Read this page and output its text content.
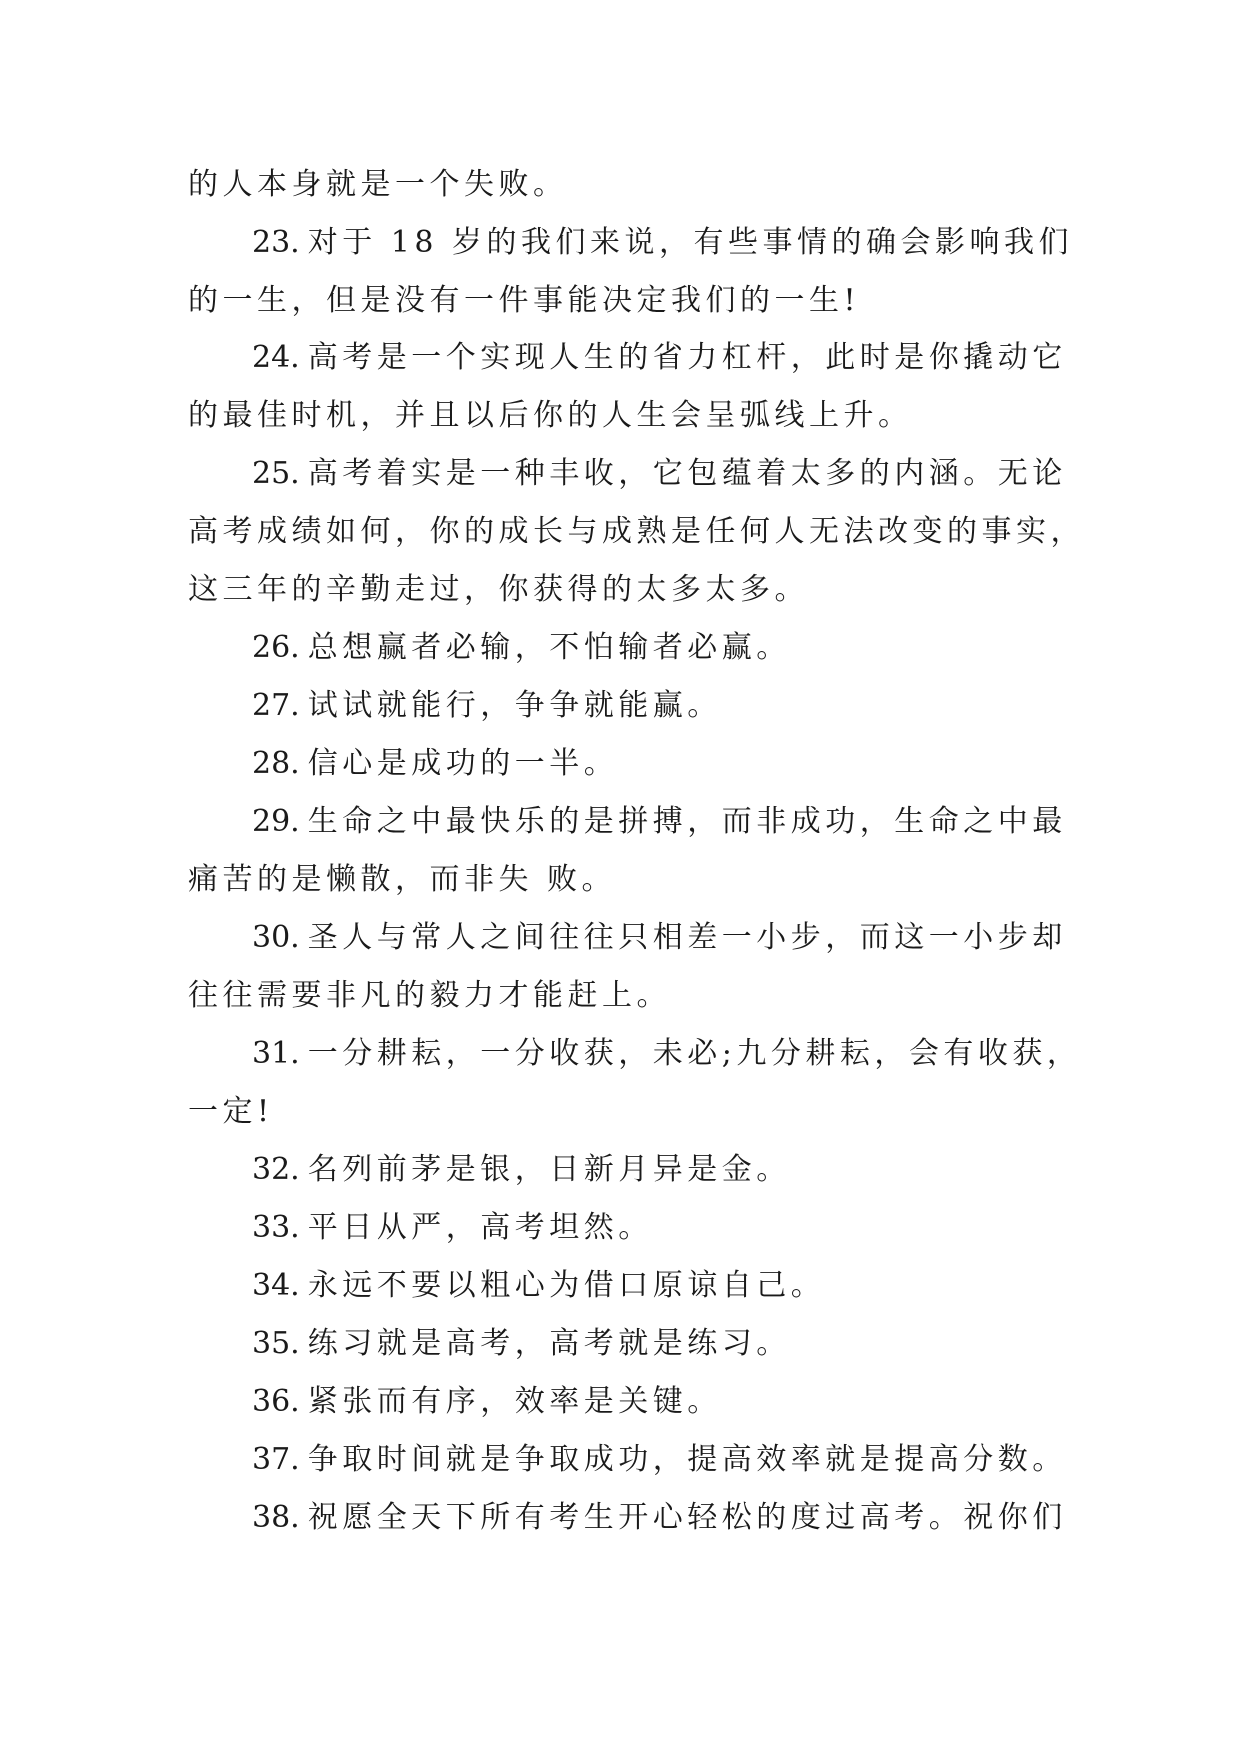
的人本身就是一个失败。
23. 对于 18 岁的我们来说，有些事情的确会影响我们
的一生，但是没有一件事能决定我们的一生!
24. 高考是一个实现人生的省力杠杆，此时是你撬动它
的最佳时机，并且以后你的人生会呈弧线上升。
25. 高考着实是一种丰收，它包蕴着太多的内涵。无论
高考成绩如何，你的成长与成熟是任何人无法改变的事实，
这三年的辛勤走过，你获得的太多太多。
26. 总想赢者必输，不怕输者必赢。
27. 试试就能行，争争就能赢。
28. 信心是成功的一半。
29. 生命之中最快乐的是拼搏，而非成功，生命之中最
痛苦的是懒散，而非失 败。
30. 圣人与常人之间往往只相差一小步，而这一小步却
往往需要非凡的毅力才能赶上。
31. 一分耕耘，一分收获，未必;九分耕耘，会有收获，
一定!
32. 名列前茅是银，日新月异是金。
33. 平日从严，高考坦然。
34. 永远不要以粗心为借口原谅自己。
35. 练习就是高考，高考就是练习。
36. 紧张而有序，效率是关键。
37. 争取时间就是争取成功，提高效率就是提高分数。
38. 祝愿全天下所有考生开心轻松的度过高考。祝你们
